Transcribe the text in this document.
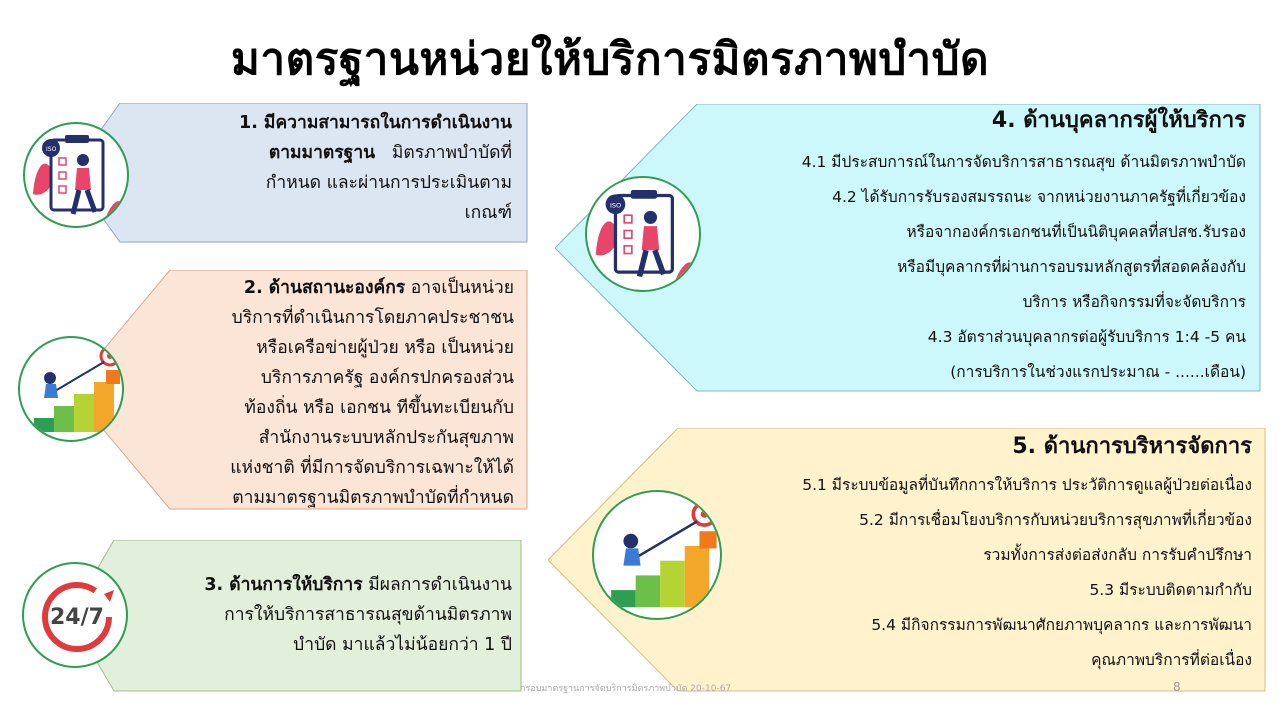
มาตรฐานหน่วยให้บริการมิตรภาพบำบัด
1. มีความสามารถในการดำเนินงาน
ตามมาตรฐาน มิตรภาพบำบัดที่
กำหนด และผ่านการประเมินตาม
เกณฑ์
ISO
2. ด้านสถานะองค์กร อาจเป็นหน่วย
บริการที่ดำเนินการโดยภาคประชาชน
หรือเครือข่ายผู้ป่วย หรือ เป็นหน่วย
บริการภาครัฐ องค์กรปกครองส่วน
ท้องถิ่น หรือ เอกชน ทีขึ้นทะเบียนกับ
สำนักงานระบบหลักประกันสุขภาพ
แห่งชาติ ที่มีการจัดบริการเฉพาะให้ได้
ตามมาตรฐานมิตรภาพบำบัดที่กำหนด
3. ด้านการให้บริการ มีผลการดำเนินงาน
การให้บริการสาธารณสุขด้านมิตรภาพ
บำบัด มาแล้วไม่น้อยกว่า 1 ปี
24/7
4. ด้านบุคลากรผู้ให้บริการ
4.1 มีประสบการณ์ในการจัดบริการสาธารณสุข ด้านมิตรภาพบำบัด
4.2 ได้รับการรับรองสมรรถนะ จากหน่วยงานภาครัฐที่เกี่ยวข้อง
หรือจากองค์กรเอกชนที่เป็นนิติบุคคลที่สปสช.รับรอง
หรือมีบุคลากรที่ผ่านการอบรมหลักสูตรที่สอดคล้องกับ
บริการ หรือกิจกรรมที่จะจัดบริการ
4.3 อัตราส่วนบุคลากรต่อผู้รับบริการ 1:4 -5 คน
(การบริการในช่วงแรกประมาณ - ......เดือน)
ISO
5. ด้านการบริหารจัดการ
5.1 มีระบบข้อมูลที่บันทึกการให้บริการ ประวัติการดูแลผู้ป่วยต่อเนื่อง
5.2 มีการเชื่อมโยงบริการกับหน่วยบริการสุขภาพที่เกี่ยวข้อง
รวมทั้งการส่งต่อส่งกลับ การรับคำปรึกษา
5.3 มีระบบติดตามกำกับ
5.4 มีกิจกรรมการพัฒนาศักยภาพบุคลากร และการพัฒนา
คุณภาพบริการที่ต่อเนื่อง
กรอบมาตรฐานการจัดบริการมิตรภาพบำบัด 20-10-67	8
